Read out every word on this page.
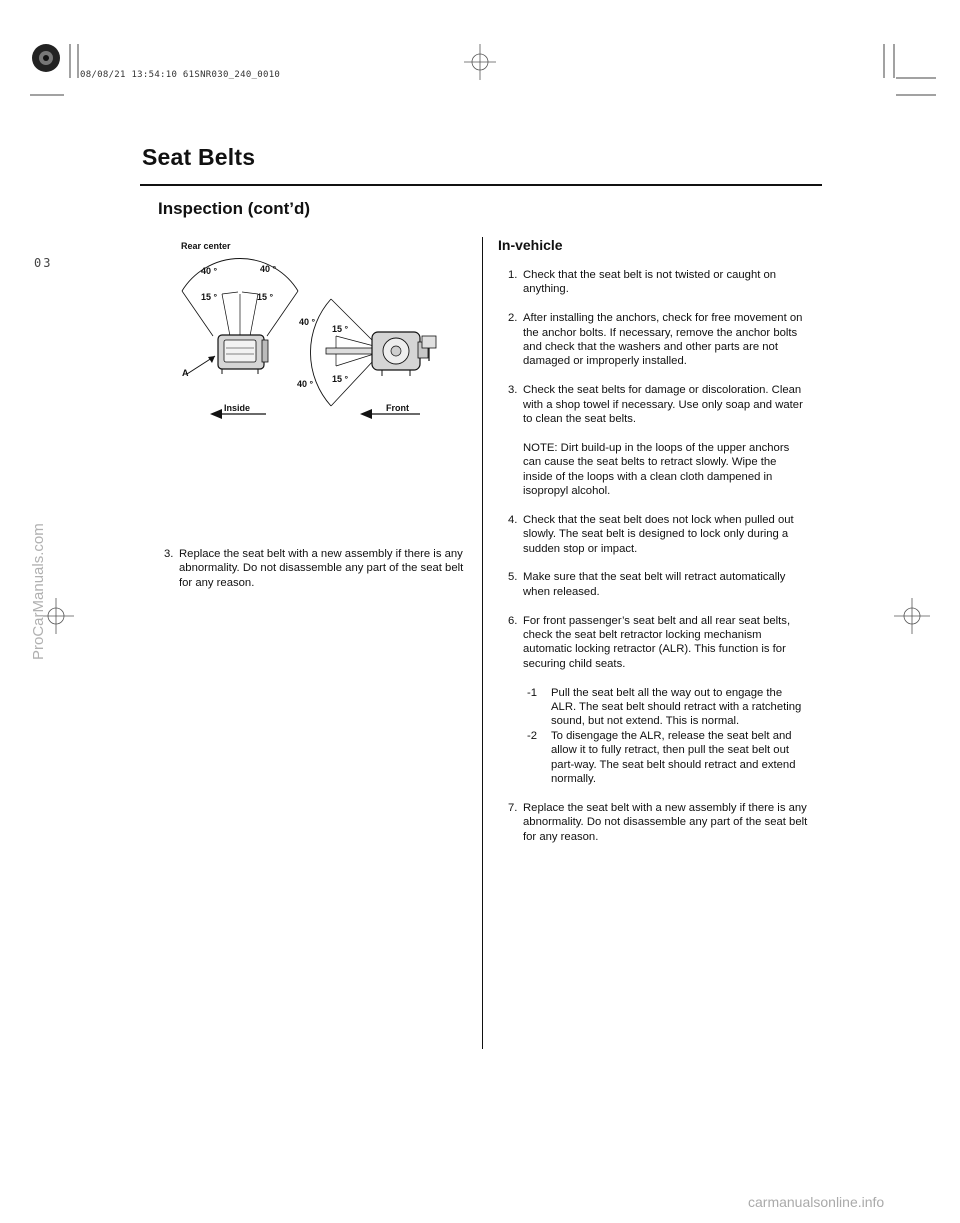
08/08/21 13:54:10 61SNR030_240_0010
03
Seat Belts
Inspection (cont’d)
Rear center
40 °	40 °
15 °	15 °
A
40 °
15 °
15 °
40 °
Inside	Front

3. Replace the seat belt with a new assembly if there is any abnormality. Do not disassemble any part of the seat belt for any reason.

In-vehicle
1. Check that the seat belt is not twisted or caught on anything.
2. After installing the anchors, check for free movement on the anchor bolts. If necessary, remove the anchor bolts and check that the washers and other parts are not damaged or improperly installed.
3. Check the seat belts for damage or discoloration. Clean with a shop towel if necessary. Use only soap and water to clean the seat belts.
NOTE: Dirt build-up in the loops of the upper anchors can cause the seat belts to retract slowly. Wipe the inside of the loops with a clean cloth dampened in isopropyl alcohol.
4. Check that the seat belt does not lock when pulled out slowly. The seat belt is designed to lock only during a sudden stop or impact.
5. Make sure that the seat belt will retract automatically when released.
6. For front passenger’s seat belt and all rear seat belts, check the seat belt retractor locking mechanism automatic locking retractor (ALR). This function is for securing child seats.
-1 Pull the seat belt all the way out to engage the ALR. The seat belt should retract with a ratcheting sound, but not extend. This is normal.
-2 To disengage the ALR, release the seat belt and allow it to fully retract, then pull the seat belt out part-way. The seat belt should retract and extend normally.
7. Replace the seat belt with a new assembly if there is any abnormality. Do not disassemble any part of the seat belt for any reason.
ProCarManuals.com
carmanualsonline.info
